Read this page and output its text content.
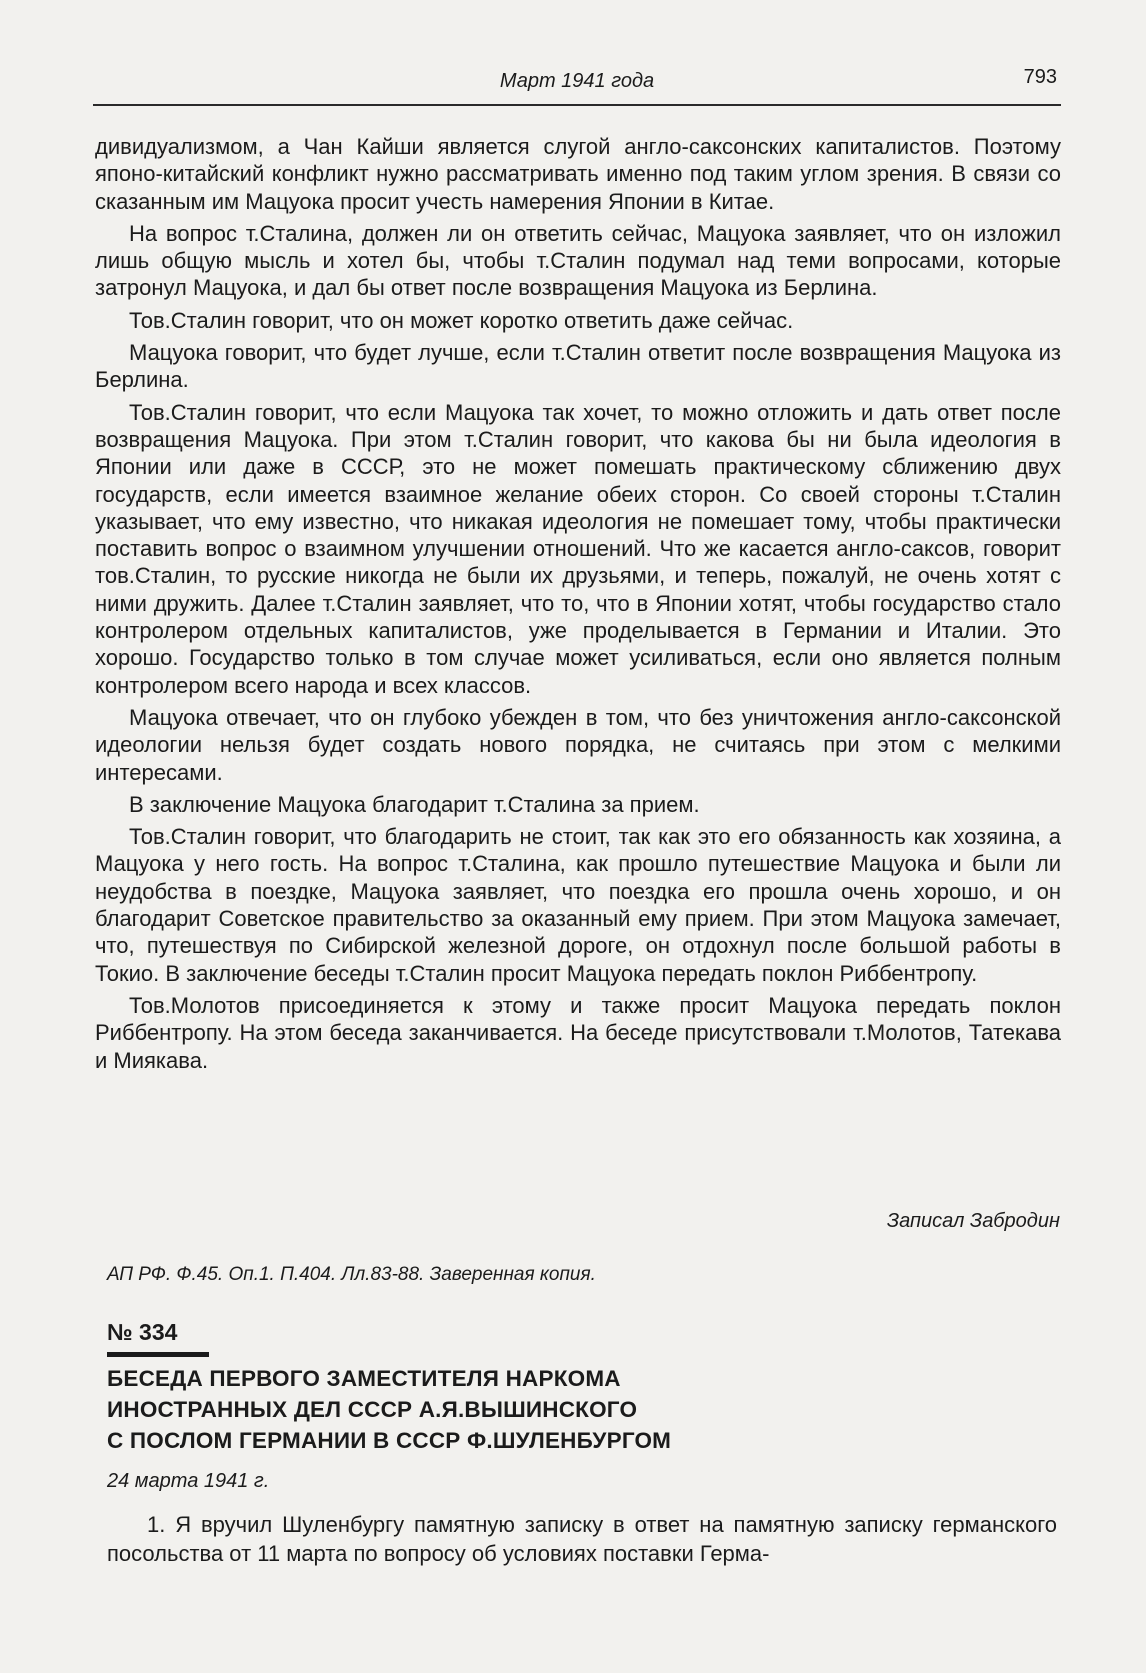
Март 1941 года	793

дивидуализмом, а Чан Кайши является слугой англо-саксонских капиталистов. Поэтому японо-китайский конфликт нужно рассматривать именно под таким углом зрения. В связи со сказанным им Мацуока просит учесть намерения Японии в Китае.

На вопрос т.Сталина, должен ли он ответить сейчас, Мацуока заявляет, что он изложил лишь общую мысль и хотел бы, чтобы т.Сталин подумал над теми вопросами, которые затронул Мацуока, и дал бы ответ после возвращения Мацуока из Берлина.

Тов.Сталин говорит, что он может коротко ответить даже сейчас.

Мацуока говорит, что будет лучше, если т.Сталин ответит после возвращения Мацуока из Берлина.

Тов.Сталин говорит, что если Мацуока так хочет, то можно отложить и дать ответ после возвращения Мацуока. При этом т.Сталин говорит, что какова бы ни была идеология в Японии или даже в СССР, это не может помешать практическому сближению двух государств, если имеется взаимное желание обеих сторон. Со своей стороны т.Сталин указывает, что ему известно, что никакая идеология не помешает тому, чтобы практически поставить вопрос о взаимном улучшении отношений. Что же касается англо-саксов, говорит тов.Сталин, то русские никогда не были их друзьями, и теперь, пожалуй, не очень хотят с ними дружить. Далее т.Сталин заявляет, что то, что в Японии хотят, чтобы государство стало контролером отдельных капиталистов, уже проделывается в Германии и Италии. Это хорошо. Государство только в том случае может усиливаться, если оно является полным контролером всего народа и всех классов.

Мацуока отвечает, что он глубоко убежден в том, что без уничтожения англо-саксонской идеологии нельзя будет создать нового порядка, не считаясь при этом с мелкими интересами.

В заключение Мацуока благодарит т.Сталина за прием.

Тов.Сталин говорит, что благодарить не стоит, так как это его обязанность как хозяина, а Мацуока у него гость. На вопрос т.Сталина, как прошло путешествие Мацуока и были ли неудобства в поездке, Мацуока заявляет, что поездка его прошла очень хорошо, и он благодарит Советское правительство за оказанный ему прием. При этом Мацуока замечает, что, путешествуя по Сибирской железной дороге, он отдохнул после большой работы в Токио. В заключение беседы т.Сталин просит Мацуока передать поклон Риббентропу.

Тов.Молотов присоединяется к этому и также просит Мацуока передать поклон Риббентропу. На этом беседа заканчивается. На беседе присутствовали т.Молотов, Татекава и Миякава.

Записал Забродин
АП РФ. Ф.45. Оп.1. П.404. Лл.83-88. Заверенная копия.
№ 334
БЕСЕДА ПЕРВОГО ЗАМЕСТИТЕЛЯ НАРКОМА
ИНОСТРАННЫХ ДЕЛ СССР А.Я.ВЫШИНСКОГО
С ПОСЛОМ ГЕРМАНИИ В СССР Ф.ШУЛЕНБУРГОМ
24 марта 1941 г.

1. Я вручил Шуленбургу памятную записку в ответ на памятную записку германского посольства от 11 марта по вопросу об условиях поставки Герма-
